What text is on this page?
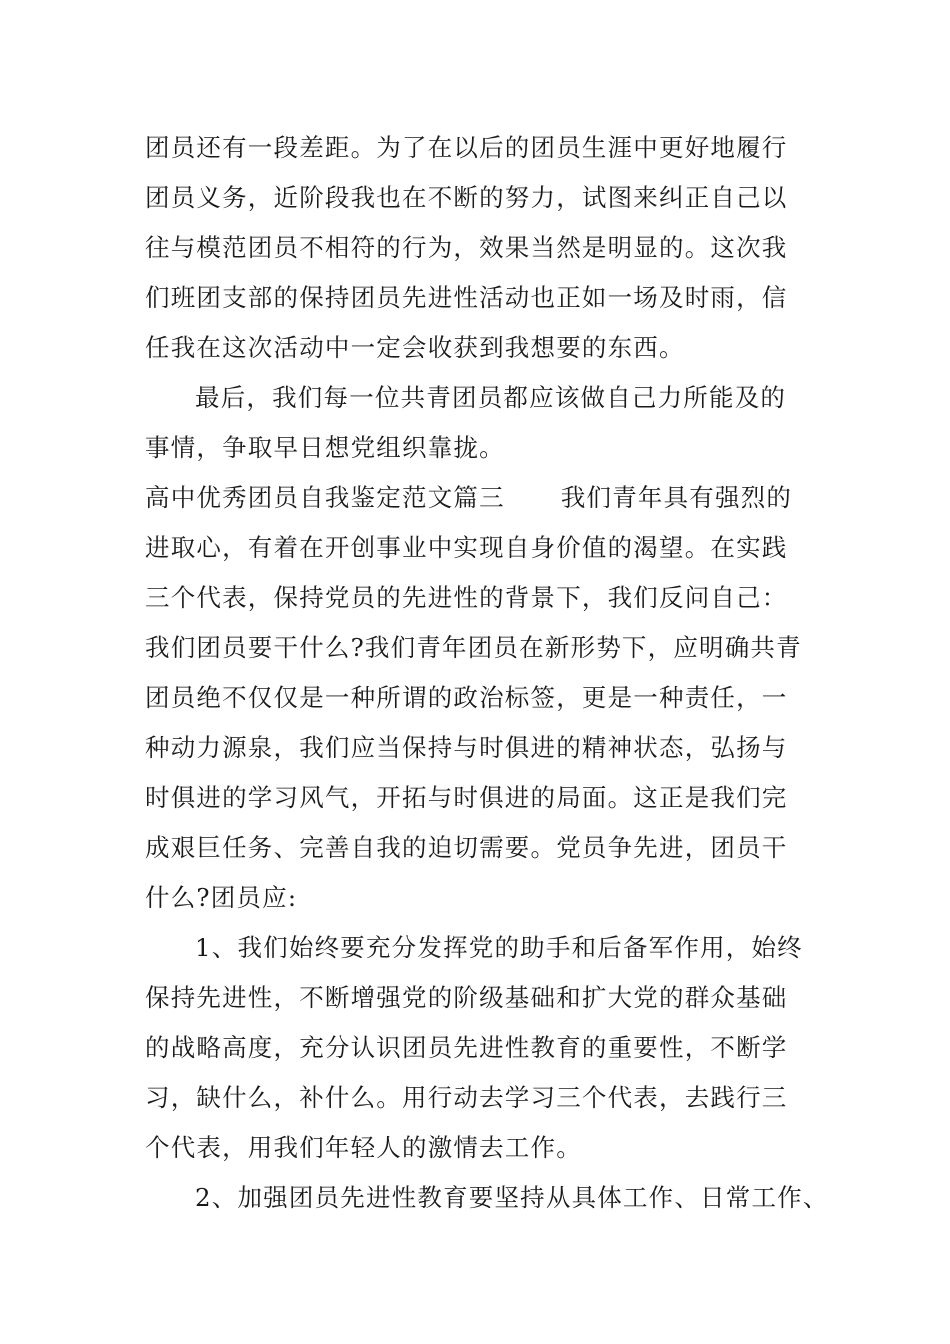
团员还有一段差距。为了在以后的团员生涯中更好地履行
团员义务，近阶段我也在不断的努力，试图来纠正自己以
往与模范团员不相符的行为，效果当然是明显的。这次我
们班团支部的保持团员先进性活动也正如一场及时雨，信
任我在这次活动中一定会收获到我想要的东西。
最后，我们每一位共青团员都应该做自己力所能及的
事情，争取早日想党组织靠拢。
高中优秀团员自我鉴定范文篇三 我们青年具有强烈的
进取心，有着在开创事业中实现自身价值的渴望。在实践
三个代表，保持党员的先进性的背景下，我们反问自己：
我们团员要干什么?我们青年团员在新形势下，应明确共青
团员绝不仅仅是一种所谓的政治标签，更是一种责任，一
种动力源泉，我们应当保持与时俱进的精神状态，弘扬与
时俱进的学习风气，开拓与时俱进的局面。这正是我们完
成艰巨任务、完善自我的迫切需要。党员争先进，团员干
什么?团员应:
1、我们始终要充分发挥党的助手和后备军作用，始终
保持先进性，不断增强党的阶级基础和扩大党的群众基础
的战略高度，充分认识团员先进性教育的重要性，不断学
习，缺什么，补什么。用行动去学习三个代表，去践行三
个代表，用我们年轻人的激情去工作。
2、加强团员先进性教育要坚持从具体工作、日常工作、
